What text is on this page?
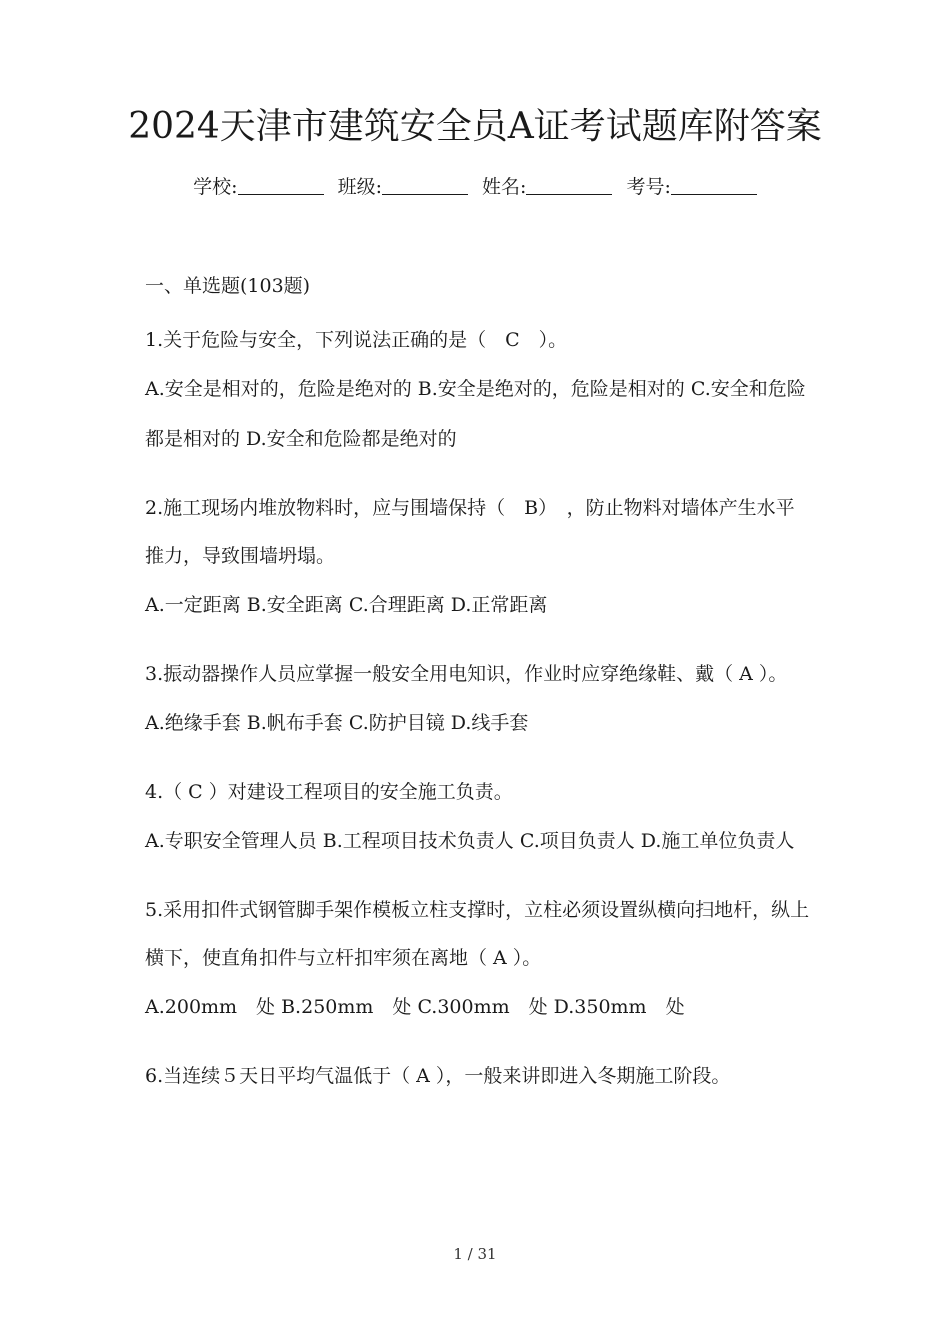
2024天津市建筑安全员A证考试题库附答案
学校:	班级:	姓名:	考号:

一、单选题(103题)

1.关于危险与安全，下列说法正确的是（　C　）。

A.安全是相对的，危险是绝对的 B.安全是绝对的，危险是相对的 C.安全和危险都是相对的 D.安全和危险都是绝对的

2.施工现场内堆放物料时，应与围墙保持（　B）　，防止物料对墙体产生水平推力，导致围墙坍塌。

A.一定距离 B.安全距离 C.合理距离 D.正常距离

3.振动器操作人员应掌握一般安全用电知识，作业时应穿绝缘鞋、戴（ A ）。

A.绝缘手套 B.帆布手套 C.防护目镜 D.线手套

4.（ C ）对建设工程项目的安全施工负责。

A.专职安全管理人员 B.工程项目技术负责人 C.项目负责人 D.施工单位负责人

5.采用扣件式钢管脚手架作模板立柱支撑时，立柱必须设置纵横向扫地杆，纵上横下，使直角扣件与立杆扣牢须在离地（ A ）。

A.200mm　处 B.250mm　处 C.300mm　处 D.350mm　处

6.当连续５天日平均气温低于（ A ），一般来讲即进入冬期施工阶段。

1 / 31
